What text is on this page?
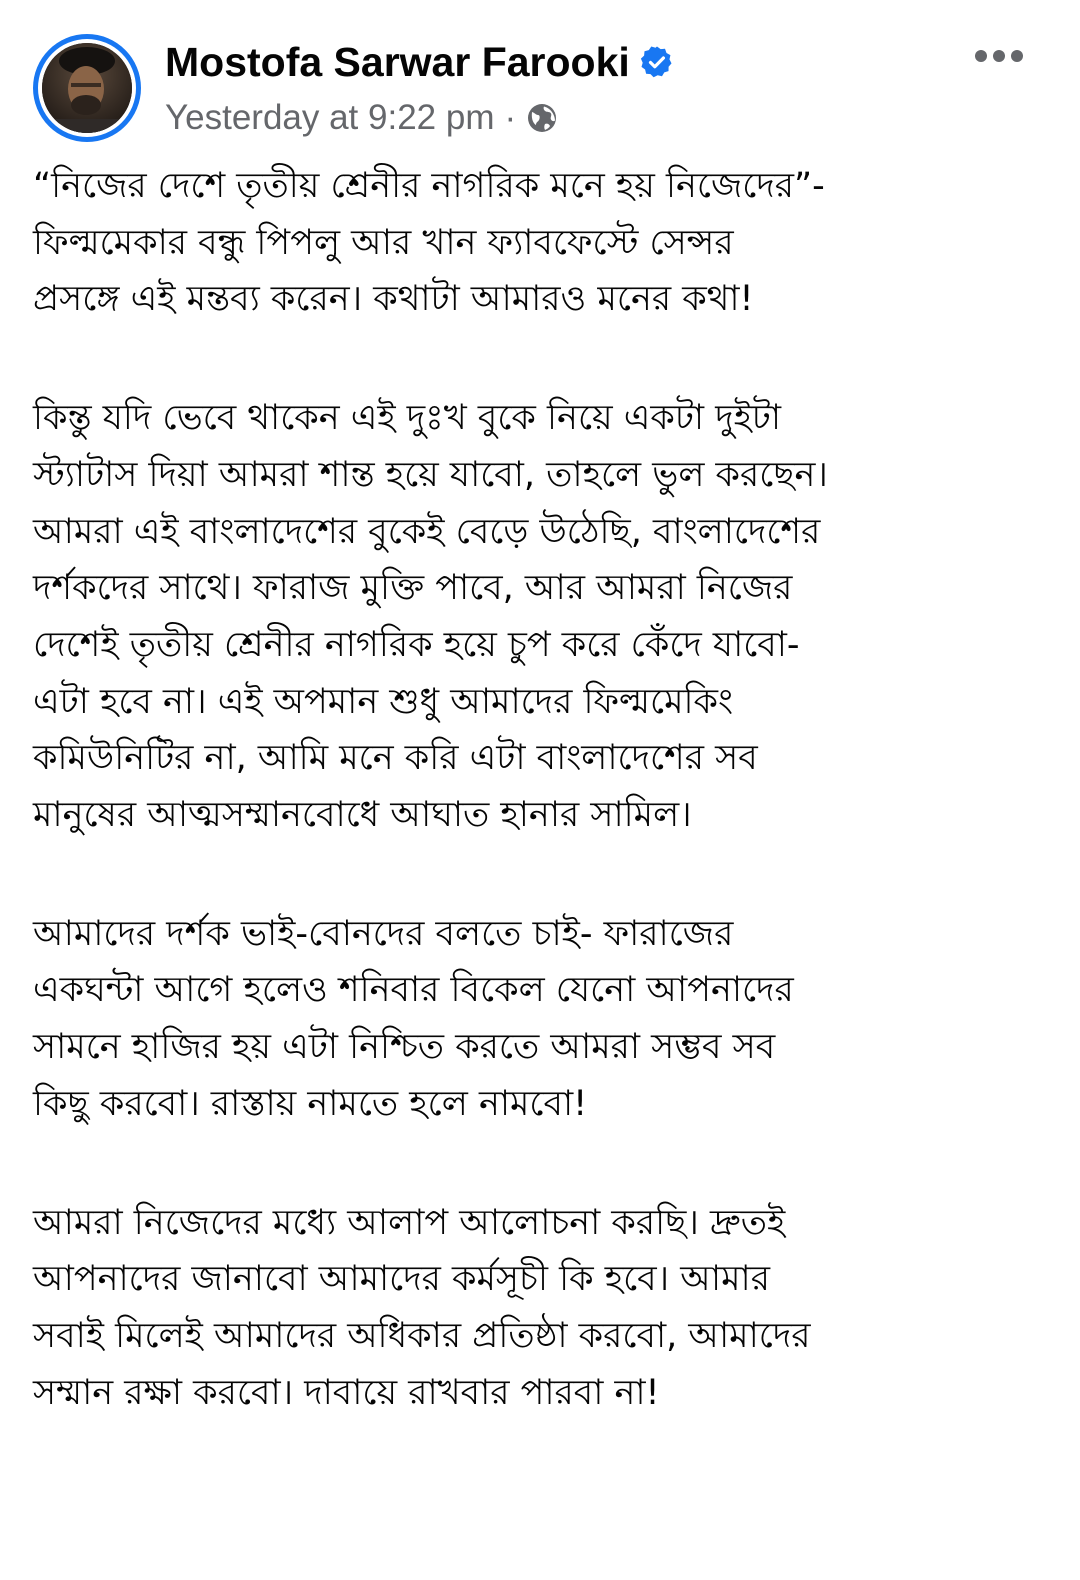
Mostofa Sarwar Farooki
Yesterday at 9:22 pm ·

“নিজের দেশে তৃতীয় শ্রেনীর নাগরিক মনে হয় নিজেদের”-
ফিল্মমেকার বন্ধু পিপলু আর খান ফ্যাবফেস্টে সেন্সর
প্রসঙ্গে এই মন্তব্য করেন। কথাটা আমারও মনের কথা!

কিন্তু যদি ভেবে থাকেন এই দুঃখ বুকে নিয়ে একটা দুইটা
স্ট্যাটাস দিয়া আমরা শান্ত হয়ে যাবো, তাহলে ভুল করছেন।
আমরা এই বাংলাদেশের বুকেই বেড়ে উঠেছি, বাংলাদেশের
দর্শকদের সাথে। ফারাজ মুক্তি পাবে, আর আমরা নিজের
দেশেই তৃতীয় শ্রেনীর নাগরিক হয়ে চুপ করে কেঁদে যাবো-
এটা হবে না। এই অপমান শুধু আমাদের ফিল্মমেকিং
কমিউনিটির না, আমি মনে করি এটা বাংলাদেশের সব
মানুষের আত্মসম্মানবোধে আঘাত হানার সামিল।

আমাদের দর্শক ভাই-বোনদের বলতে চাই- ফারাজের
একঘন্টা আগে হলেও শনিবার বিকেল যেনো আপনাদের
সামনে হাজির হয় এটা নিশ্চিত করতে আমরা সম্ভব সব
কিছু করবো। রাস্তায় নামতে হলে নামবো!

আমরা নিজেদের মধ্যে আলাপ আলোচনা করছি। দ্রুতই
আপনাদের জানাবো আমাদের কর্মসূচী কি হবে। আমার
সবাই মিলেই আমাদের অধিকার প্রতিষ্ঠা করবো, আমাদের
সম্মান রক্ষা করবো। দাবায়ে রাখবার পারবা না!
